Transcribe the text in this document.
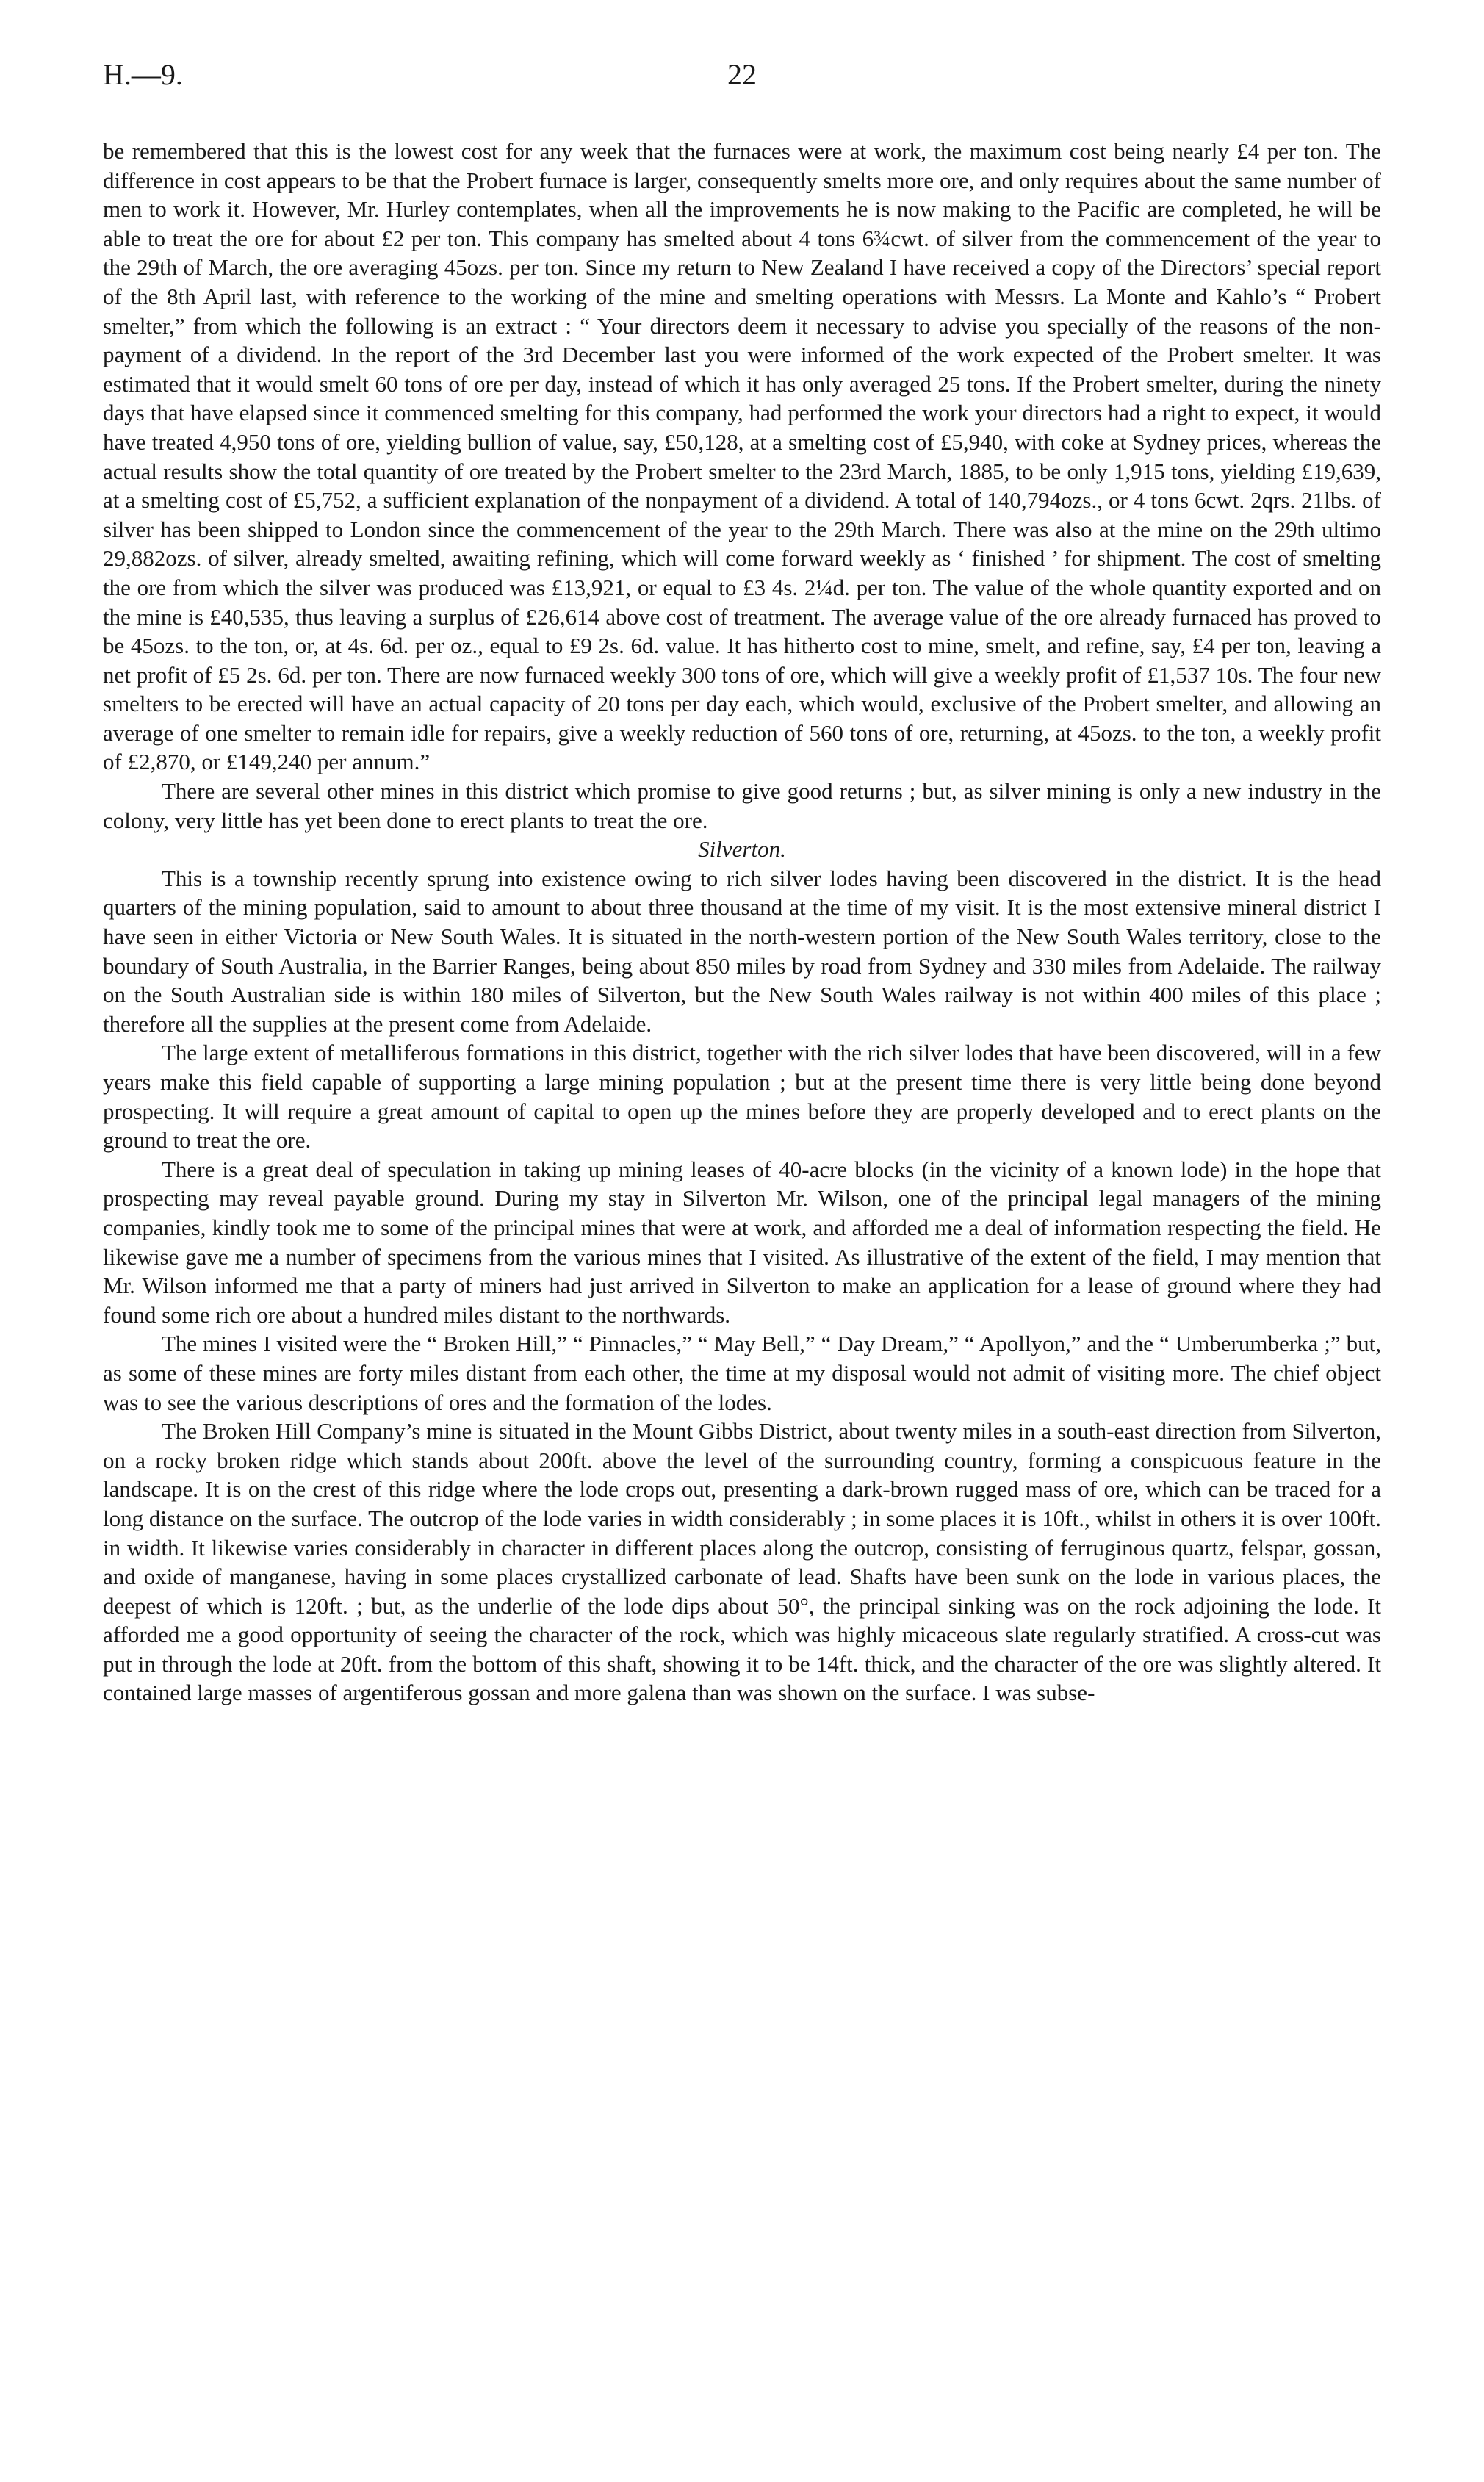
H.—9.	22

be remembered that this is the lowest cost for any week that the furnaces were at work, the maximum cost being nearly £4 per ton. The difference in cost appears to be that the Probert furnace is larger, consequently smelts more ore, and only requires about the same number of men to work it. However, Mr. Hurley contemplates, when all the improvements he is now making to the Pacific are completed, he will be able to treat the ore for about £2 per ton. This company has smelted about 4 tons 6¾cwt. of silver from the commencement of the year to the 29th of March, the ore averaging 45ozs. per ton. Since my return to New Zealand I have received a copy of the Directors’ special report of the 8th April last, with reference to the working of the mine and smelting operations with Messrs. La Monte and Kahlo’s “ Probert smelter,” from which the following is an extract : “ Your directors deem it necessary to advise you specially of the reasons of the non-payment of a dividend. In the report of the 3rd December last you were informed of the work expected of the Probert smelter. It was estimated that it would smelt 60 tons of ore per day, instead of which it has only averaged 25 tons. If the Probert smelter, during the ninety days that have elapsed since it commenced smelting for this company, had performed the work your directors had a right to expect, it would have treated 4,950 tons of ore, yielding bullion of value, say, £50,128, at a smelting cost of £5,940, with coke at Sydney prices, whereas the actual results show the total quantity of ore treated by the Probert smelter to the 23rd March, 1885, to be only 1,915 tons, yielding £19,639, at a smelting cost of £5,752, a sufficient explanation of the nonpayment of a dividend. A total of 140,794ozs., or 4 tons 6cwt. 2qrs. 21lbs. of silver has been shipped to London since the commencement of the year to the 29th March. There was also at the mine on the 29th ultimo 29,882ozs. of silver, already smelted, awaiting refining, which will come forward weekly as ‘ finished ’ for shipment. The cost of smelting the ore from which the silver was produced was £13,921, or equal to £3 4s. 2¼d. per ton. The value of the whole quantity exported and on the mine is £40,535, thus leaving a surplus of £26,614 above cost of treatment. The average value of the ore already furnaced has proved to be 45ozs. to the ton, or, at 4s. 6d. per oz., equal to £9 2s. 6d. value. It has hitherto cost to mine, smelt, and refine, say, £4 per ton, leaving a net profit of £5 2s. 6d. per ton. There are now furnaced weekly 300 tons of ore, which will give a weekly profit of £1,537 10s. The four new smelters to be erected will have an actual capacity of 20 tons per day each, which would, exclusive of the Probert smelter, and allowing an average of one smelter to remain idle for repairs, give a weekly reduction of 560 tons of ore, returning, at 45ozs. to the ton, a weekly profit of £2,870, or £149,240 per annum.”

There are several other mines in this district which promise to give good returns ; but, as silver mining is only a new industry in the colony, very little has yet been done to erect plants to treat the ore.

Silverton.

This is a township recently sprung into existence owing to rich silver lodes having been discovered in the district. It is the head quarters of the mining population, said to amount to about three thousand at the time of my visit. It is the most extensive mineral district I have seen in either Victoria or New South Wales. It is situated in the north-western portion of the New South Wales territory, close to the boundary of South Australia, in the Barrier Ranges, being about 850 miles by road from Sydney and 330 miles from Adelaide. The railway on the South Australian side is within 180 miles of Silverton, but the New South Wales railway is not within 400 miles of this place ; therefore all the supplies at the present come from Adelaide.

The large extent of metalliferous formations in this district, together with the rich silver lodes that have been discovered, will in a few years make this field capable of supporting a large mining population ; but at the present time there is very little being done beyond prospecting. It will require a great amount of capital to open up the mines before they are properly developed and to erect plants on the ground to treat the ore.

There is a great deal of speculation in taking up mining leases of 40-acre blocks (in the vicinity of a known lode) in the hope that prospecting may reveal payable ground. During my stay in Silverton Mr. Wilson, one of the principal legal managers of the mining companies, kindly took me to some of the principal mines that were at work, and afforded me a deal of information respecting the field. He likewise gave me a number of specimens from the various mines that I visited. As illustrative of the extent of the field, I may mention that Mr. Wilson informed me that a party of miners had just arrived in Silverton to make an application for a lease of ground where they had found some rich ore about a hundred miles distant to the northwards.

The mines I visited were the “ Broken Hill,” “ Pinnacles,” “ May Bell,” “ Day Dream,” “ Apollyon,” and the “ Umberumberka ;” but, as some of these mines are forty miles distant from each other, the time at my disposal would not admit of visiting more. The chief object was to see the various descriptions of ores and the formation of the lodes.

The Broken Hill Company’s mine is situated in the Mount Gibbs District, about twenty miles in a south-east direction from Silverton, on a rocky broken ridge which stands about 200ft. above the level of the surrounding country, forming a conspicuous feature in the landscape. It is on the crest of this ridge where the lode crops out, presenting a dark-brown rugged mass of ore, which can be traced for a long distance on the surface. The outcrop of the lode varies in width considerably ; in some places it is 10ft., whilst in others it is over 100ft. in width. It likewise varies considerably in character in different places along the outcrop, consisting of ferruginous quartz, felspar, gossan, and oxide of manganese, having in some places crystallized carbonate of lead. Shafts have been sunk on the lode in various places, the deepest of which is 120ft. ; but, as the underlie of the lode dips about 50°, the principal sinking was on the rock adjoining the lode. It afforded me a good opportunity of seeing the character of the rock, which was highly micaceous slate regularly stratified. A cross-cut was put in through the lode at 20ft. from the bottom of this shaft, showing it to be 14ft. thick, and the character of the ore was slightly altered. It contained large masses of argentiferous gossan and more galena than was shown on the surface. I was subse-
